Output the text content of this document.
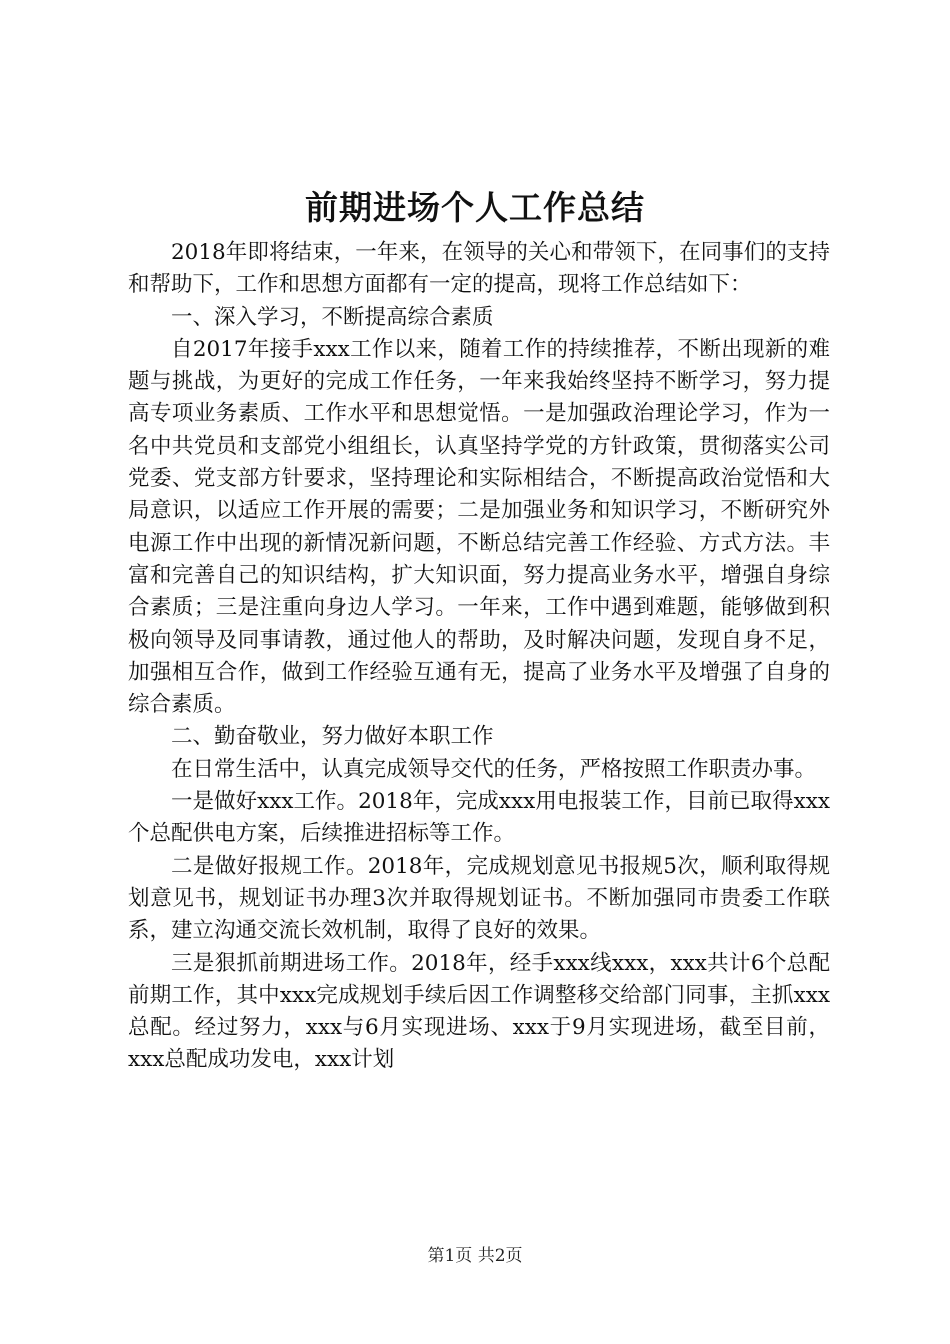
前期进场个人工作总结

2018年即将结束，一年来，在领导的关心和带领下，在同事们的支持和帮助下，工作和思想方面都有一定的提高，现将工作总结如下：

一、深入学习，不断提高综合素质

自2017年接手xxx工作以来，随着工作的持续推荐，不断出现新的难题与挑战，为更好的完成工作任务，一年来我始终坚持不断学习，努力提高专项业务素质、工作水平和思想觉悟。一是加强政治理论学习，作为一名中共党员和支部党小组组长，认真坚持学党的方针政策，贯彻落实公司党委、党支部方针要求，坚持理论和实际相结合，不断提高政治觉悟和大局意识，以适应工作开展的需要；二是加强业务和知识学习，不断研究外电源工作中出现的新情况新问题，不断总结完善工作经验、方式方法。丰富和完善自己的知识结构，扩大知识面，努力提高业务水平，增强自身综合素质；三是注重向身边人学习。一年来，工作中遇到难题，能够做到积极向领导及同事请教，通过他人的帮助，及时解决问题，发现自身不足，加强相互合作，做到工作经验互通有无，提高了业务水平及增强了自身的综合素质。

二、勤奋敬业，努力做好本职工作

在日常生活中，认真完成领导交代的任务，严格按照工作职责办事。

一是做好xxx工作。2018年，完成xxx用电报装工作，目前已取得xxx个总配供电方案，后续推进招标等工作。

二是做好报规工作。2018年，完成规划意见书报规5次，顺利取得规划意见书，规划证书办理3次并取得规划证书。不断加强同市贵委工作联系，建立沟通交流长效机制，取得了良好的效果。

三是狠抓前期进场工作。2018年，经手xxx线xxx，xxx共计6个总配前期工作，其中xxx完成规划手续后因工作调整移交给部门同事，主抓xxx总配。经过努力，xxx与6月实现进场、xxx于9月实现进场，截至目前，xxx总配成功发电，xxx计划

第1页 共2页
